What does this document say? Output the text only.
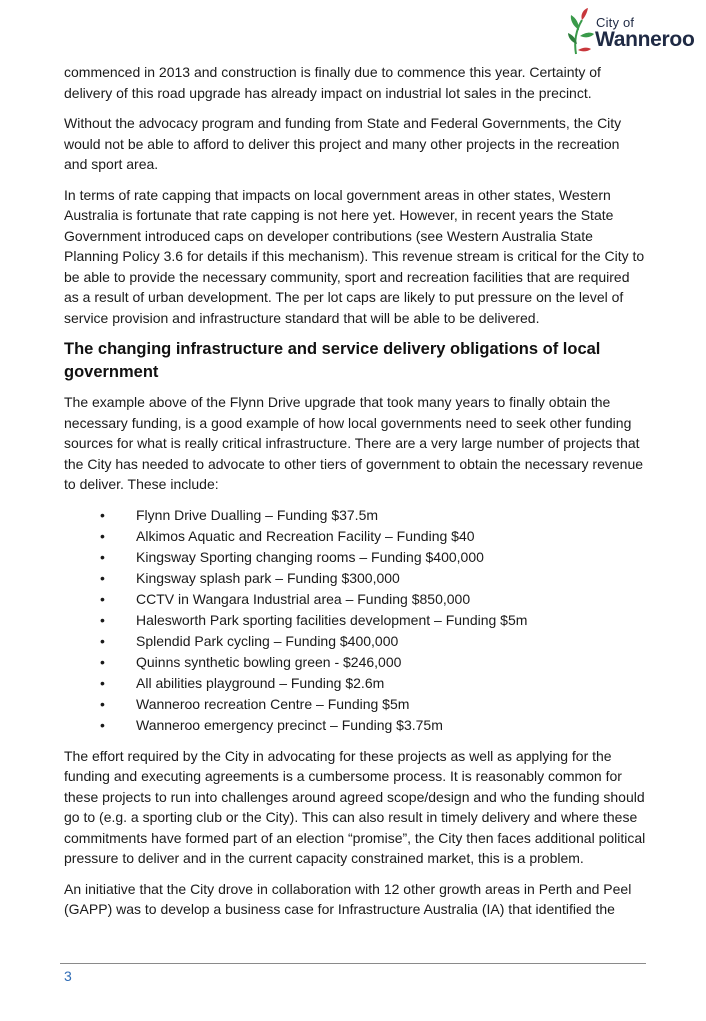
City of
Wanneroo

commenced in 2013 and construction is finally due to commence this year. Certainty of delivery of this road upgrade has already impact on industrial lot sales in the precinct.

Without the advocacy program and funding from State and Federal Governments, the City would not be able to afford to deliver this project and many other projects in the recreation and sport area.

In terms of rate capping that impacts on local government areas in other states, Western Australia is fortunate that rate capping is not here yet. However, in recent years the State Government introduced caps on developer contributions (see Western Australia State Planning Policy 3.6 for details if this mechanism). This revenue stream is critical for the City to be able to provide the necessary community, sport and recreation facilities that are required as a result of urban development. The per lot caps are likely to put pressure on the level of service provision and infrastructure standard that will be able to be delivered.

The changing infrastructure and service delivery obligations of local government

The example above of the Flynn Drive upgrade that took many years to finally obtain the necessary funding, is a good example of how local governments need to seek other funding sources for what is really critical infrastructure. There are a very large number of projects that the City has needed to advocate to other tiers of government to obtain the necessary revenue to deliver. These include:

• Flynn Drive Dualling – Funding $37.5m
• Alkimos Aquatic and Recreation Facility – Funding $40
• Kingsway Sporting changing rooms – Funding $400,000
• Kingsway splash park – Funding $300,000
• CCTV in Wangara Industrial area – Funding $850,000
• Halesworth Park sporting facilities development – Funding $5m
• Splendid Park cycling – Funding $400,000
• Quinns synthetic bowling green - $246,000
• All abilities playground – Funding $2.6m
• Wanneroo recreation Centre – Funding $5m
• Wanneroo emergency precinct – Funding $3.75m

The effort required by the City in advocating for these projects as well as applying for the funding and executing agreements is a cumbersome process. It is reasonably common for these projects to run into challenges around agreed scope/design and who the funding should go to (e.g. a sporting club or the City). This can also result in timely delivery and where these commitments have formed part of an election “promise”, the City then faces additional political pressure to deliver and in the current capacity constrained market, this is a problem.

An initiative that the City drove in collaboration with 12 other growth areas in Perth and Peel (GAPP) was to develop a business case for Infrastructure Australia (IA) that identified the

3
